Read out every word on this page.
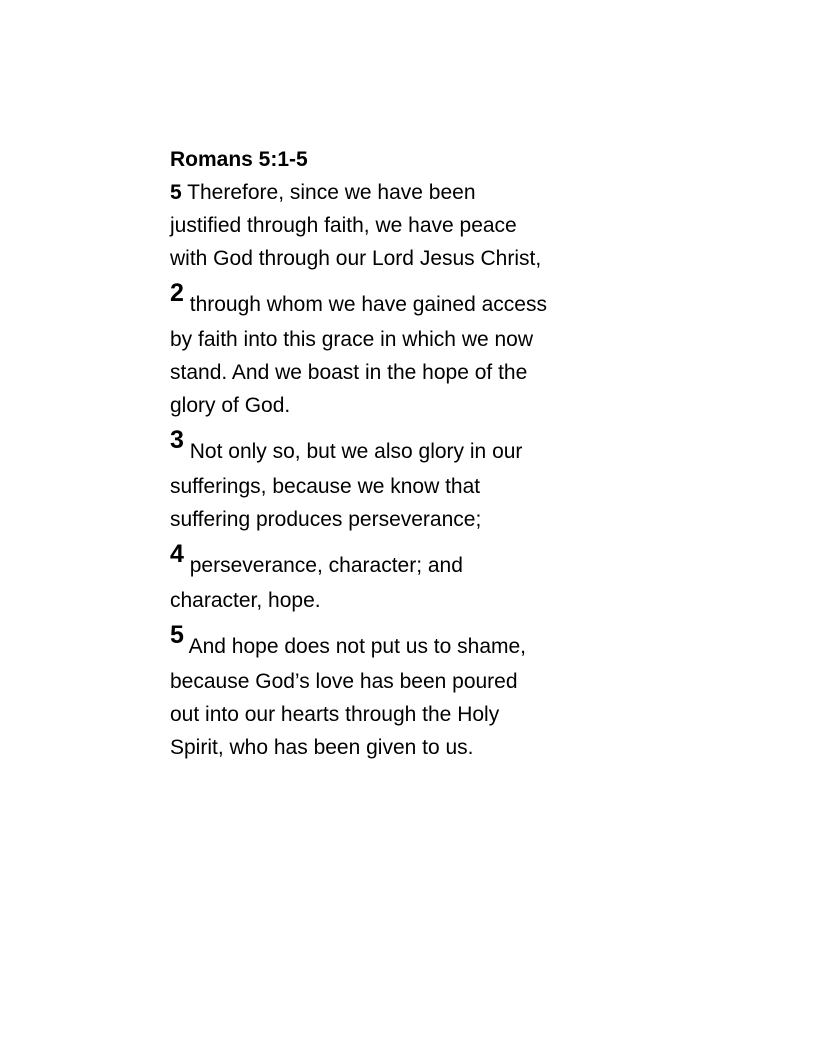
Romans 5:1-5
5 Therefore, since we have been
justified through faith, we have peace
with God through our Lord Jesus Christ,
2 through whom we have gained access
by faith into this grace in which we now
stand. And we boast in the hope of the
glory of God.
3 Not only so, but we also glory in our
sufferings, because we know that
suffering produces perseverance;
4 perseverance, character; and
character, hope.
5 And hope does not put us to shame,
because God’s love has been poured
out into our hearts through the Holy
Spirit, who has been given to us.
